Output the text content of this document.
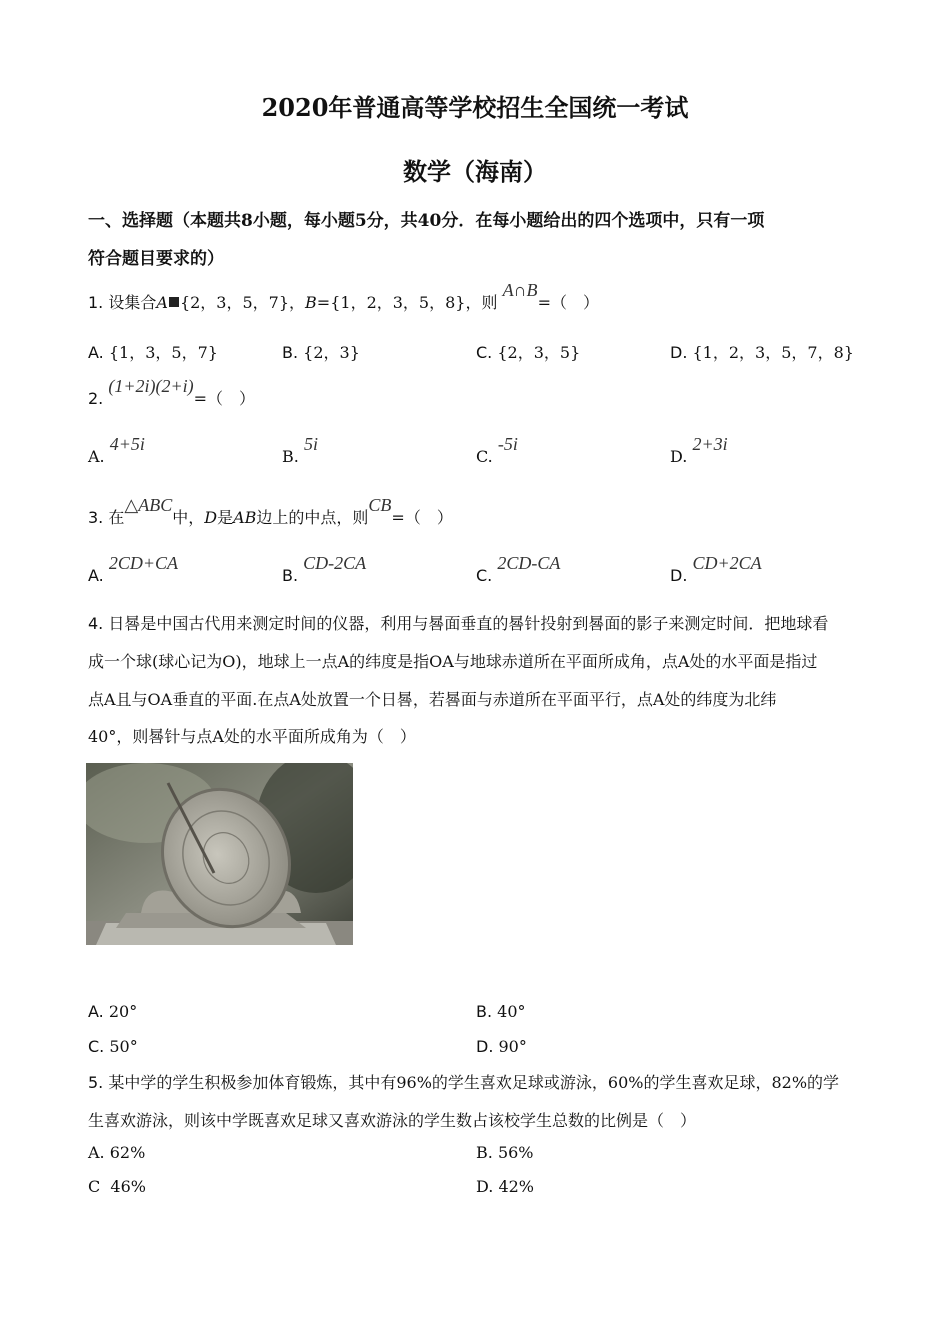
2020年普通高等学校招生全国统一考试
数学（海南）
一、选择题（本题共8小题，每小题5分，共40分．在每小题给出的四个选项中，只有一项
符合题目要求的）
1. 设集合A {2，3，5，7}，B={1，2，3，5，8}，则 A∩B=（　）
A. {1，3，5，7}	B. {2，3}	C. {2，3，5}	D. {1，2，3，5，7，8}
2. (1+2i)(2+i)=（　）
A. 4+5i
B. 5i
C. -5i
D. 2+3i
3. 在△ABC中，D是AB边上的中点，则CB=（　）
A. 2CD+CA
B. CD-2CA
C. 2CD-CA
D. CD+2CA
4. 日晷是中国古代用来测定时间的仪器，利用与晷面垂直的晷针投射到晷面的影子来测定时间．把地球看
成一个球(球心记为O)，地球上一点A的纬度是指OA与地球赤道所在平面所成角，点A处的水平面是指过
点A且与OA垂直的平面.在点A处放置一个日晷，若晷面与赤道所在平面平行，点A处的纬度为北纬
40°，则晷针与点A处的水平面所成角为（　）
A. 20°	B. 40°
C. 50°	D. 90°
5. 某中学的学生积极参加体育锻炼，其中有96%的学生喜欢足球或游泳，60%的学生喜欢足球，82%的学
生喜欢游泳，则该中学既喜欢足球又喜欢游泳的学生数占该校学生总数的比例是（　）
A. 62%	B. 56%
C 46%	D. 42%
